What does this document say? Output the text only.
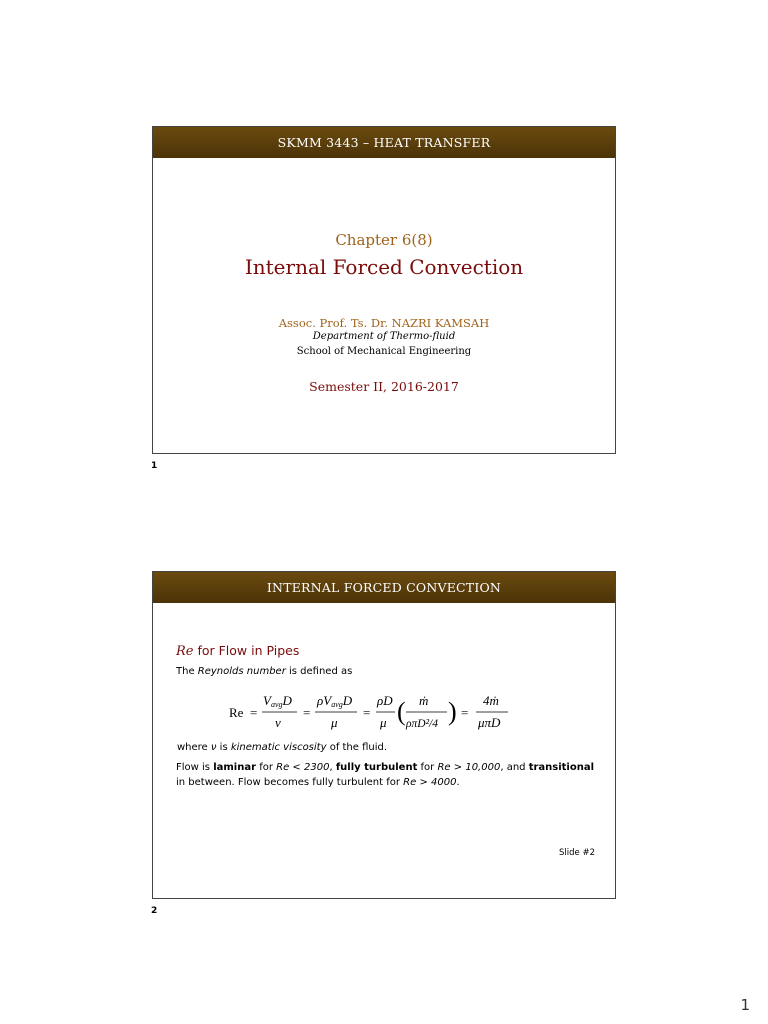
SKMM 3443 – HEAT TRANSFER
Chapter 6(8)
Internal Forced Convection
Assoc. Prof. Ts. Dr. NAZRI KAMSAH
Department of Thermo-fluid
School of Mechanical Engineering
Semester II, 2016-2017
1
INTERNAL FORCED CONVECTION
Re for Flow in Pipes
The Reynolds number is defined as
Re =
VavgD
ν
=
ρVavgD
μ
=
ρD
μ ( ṁ
ρπD²/4 ) =
4ṁ
μπD
where ν is kinematic viscosity of the fluid.
Flow is laminar for Re < 2300, fully turbulent for Re > 10,000, and transitional in between. Flow becomes fully turbulent for Re > 4000.
Slide #2
2
1
